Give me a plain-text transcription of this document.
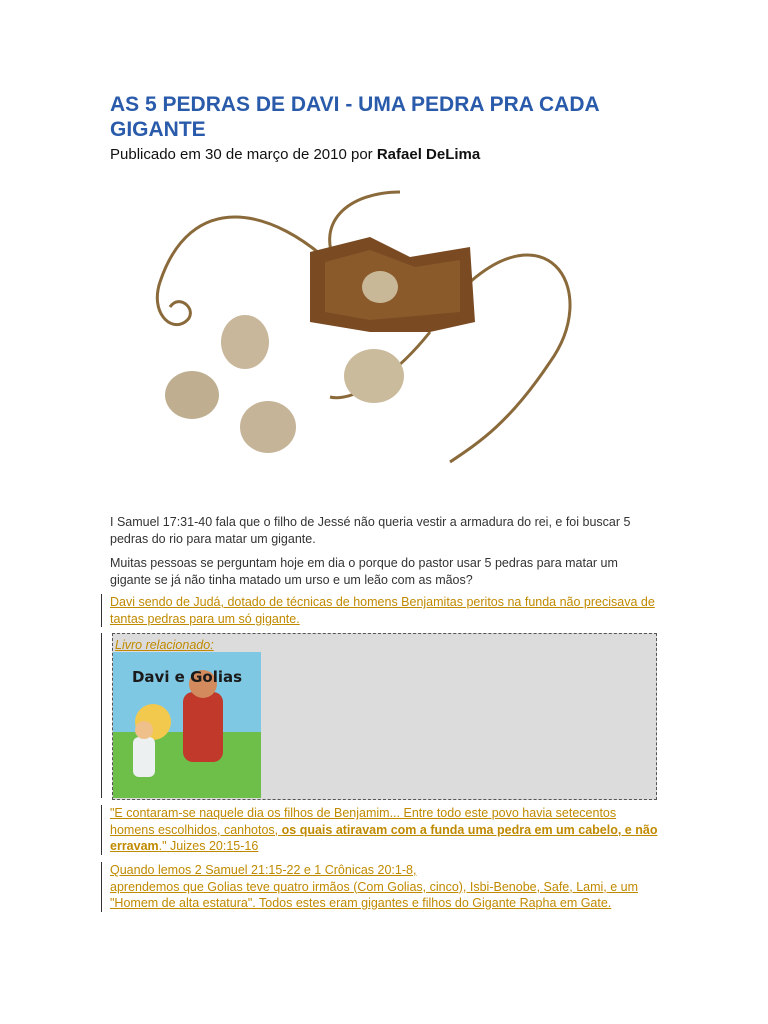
AS 5 PEDRAS DE DAVI - UMA PEDRA PRA CADA GIGANTE
Publicado em 30 de março de 2010 por Rafael DeLima

I Samuel 17:31-40 fala que o filho de Jessé não queria vestir a armadura do rei, e foi buscar 5 pedras do rio para matar um gigante.

Muitas pessoas se perguntam hoje em dia o porque do pastor usar 5 pedras para matar um gigante se já não tinha matado um urso e um leão com as mãos?

Davi sendo de Judá, dotado de técnicas de homens Benjamitas peritos na funda não precisava de tantas pedras para um só gigante.
Livro relacionado:
Davi e Golias
"E contaram-se naquele dia os filhos de Benjamim... Entre todo este povo havia setecentos homens escolhidos, canhotos, os quais atiravam com a funda uma pedra em um cabelo, e não erravam." Juizes 20:15-16
Quando lemos 2 Samuel 21:15-22 e 1 Crônicas 20:1-8,
aprendemos que Golias teve quatro irmãos (Com Golias, cinco), Isbi-Benobe, Safe, Lami, e um "Homem de alta estatura". Todos estes eram gigantes e filhos do Gigante Rapha em Gate.
